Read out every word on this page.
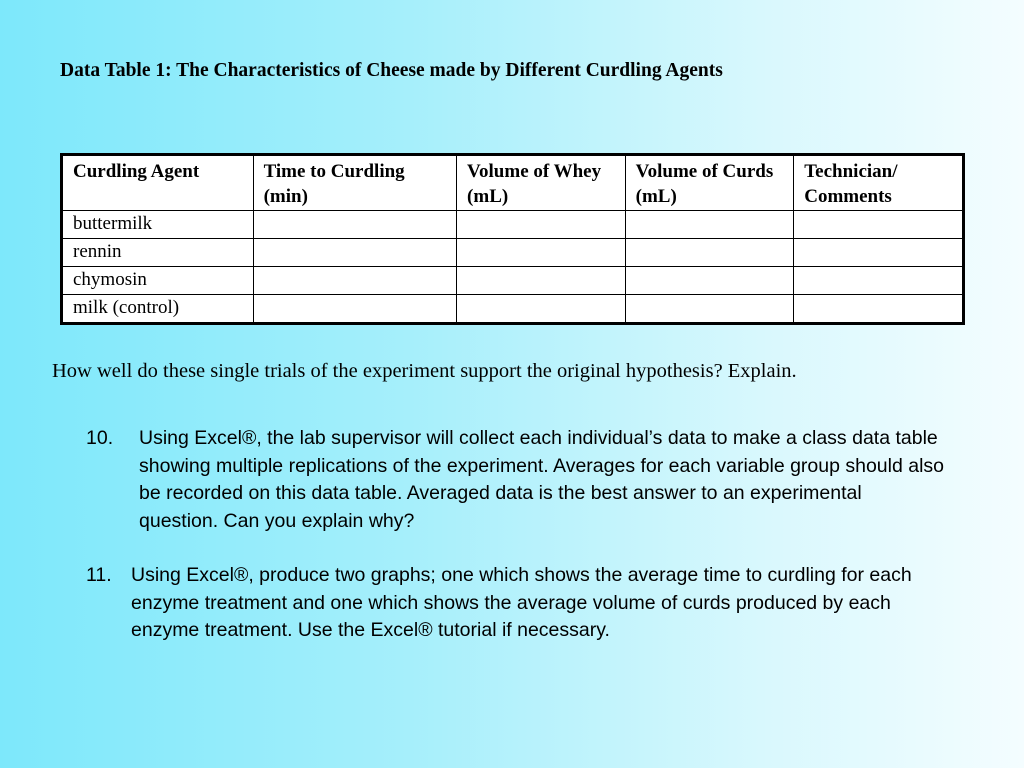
Data Table 1: The Characteristics of Cheese made by Different Curdling Agents
Curdling Agent	Time to Curdling (min)	Volume of Whey (mL)	Volume of Curds (mL)	Technician/ Comments
buttermilk				
rennin				
chymosin				
milk (control)				
How well do these single trials of the experiment support the original hypothesis? Explain.
10.	Using Excel®, the lab supervisor will collect each individual’s data to make a class data table showing multiple replications of the experiment. Averages for each variable group should also be recorded on this data table. Averaged data is the best answer to an experimental question. Can you explain why?
11. Using Excel®, produce two graphs; one which shows the average time to curdling for each enzyme treatment and one which shows the average volume of curds produced by each enzyme treatment. Use the Excel® tutorial if necessary.
